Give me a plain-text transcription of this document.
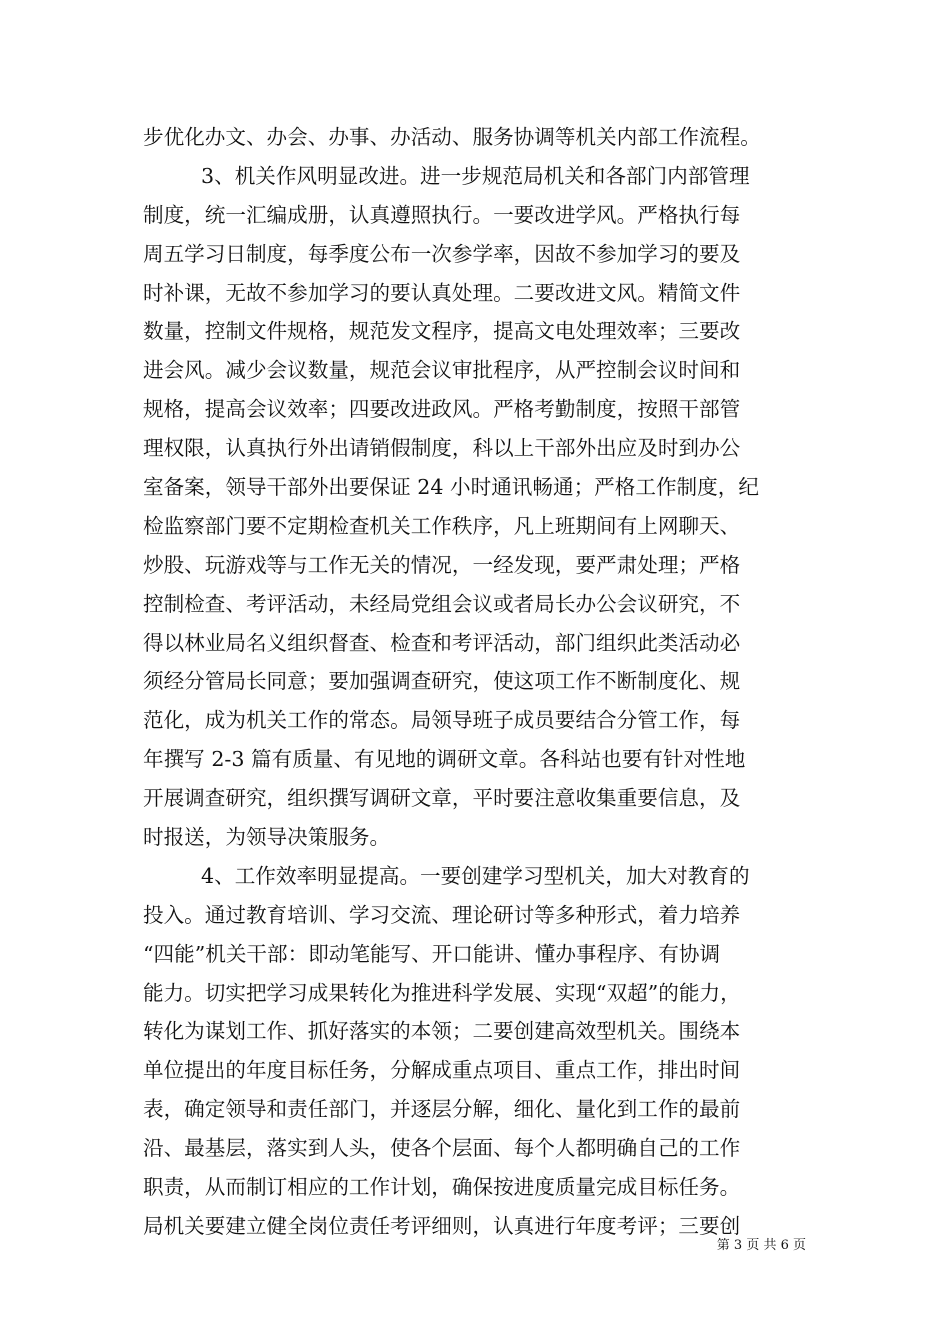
步优化办文、办会、办事、办活动、服务协调等机关内部工作流程。
3、机关作风明显改进。进一步规范局机关和各部门内部管理
制度，统一汇编成册，认真遵照执行。一要改进学风。严格执行每
周五学习日制度，每季度公布一次参学率，因故不参加学习的要及
时补课，无故不参加学习的要认真处理。二要改进文风。精简文件
数量，控制文件规格，规范发文程序，提高文电处理效率；三要改
进会风。减少会议数量，规范会议审批程序，从严控制会议时间和
规格，提高会议效率；四要改进政风。严格考勤制度，按照干部管
理权限，认真执行外出请销假制度，科以上干部外出应及时到办公
室备案，领导干部外出要保证 24 小时通讯畅通；严格工作制度，纪
检监察部门要不定期检查机关工作秩序，凡上班期间有上网聊天、
炒股、玩游戏等与工作无关的情况，一经发现，要严肃处理；严格
控制检查、考评活动，未经局党组会议或者局长办公会议研究，不
得以林业局名义组织督查、检查和考评活动，部门组织此类活动必
须经分管局长同意；要加强调查研究，使这项工作不断制度化、规
范化，成为机关工作的常态。局领导班子成员要结合分管工作，每
年撰写 2-3 篇有质量、有见地的调研文章。各科站也要有针对性地
开展调查研究，组织撰写调研文章，平时要注意收集重要信息，及
时报送，为领导决策服务。
4、工作效率明显提高。一要创建学习型机关，加大对教育的
投入。通过教育培训、学习交流、理论研讨等多种形式，着力培养
“四能”机关干部：即动笔能写、开口能讲、懂办事程序、有协调
能力。切实把学习成果转化为推进科学发展、实现“双超”的能力，
转化为谋划工作、抓好落实的本领；二要创建高效型机关。围绕本
单位提出的年度目标任务，分解成重点项目、重点工作，排出时间
表，确定领导和责任部门，并逐层分解，细化、量化到工作的最前
沿、最基层，落实到人头，使各个层面、每个人都明确自己的工作
职责，从而制订相应的工作计划，确保按进度质量完成目标任务。
局机关要建立健全岗位责任考评细则，认真进行年度考评；三要创
第 3 页 共 6 页
